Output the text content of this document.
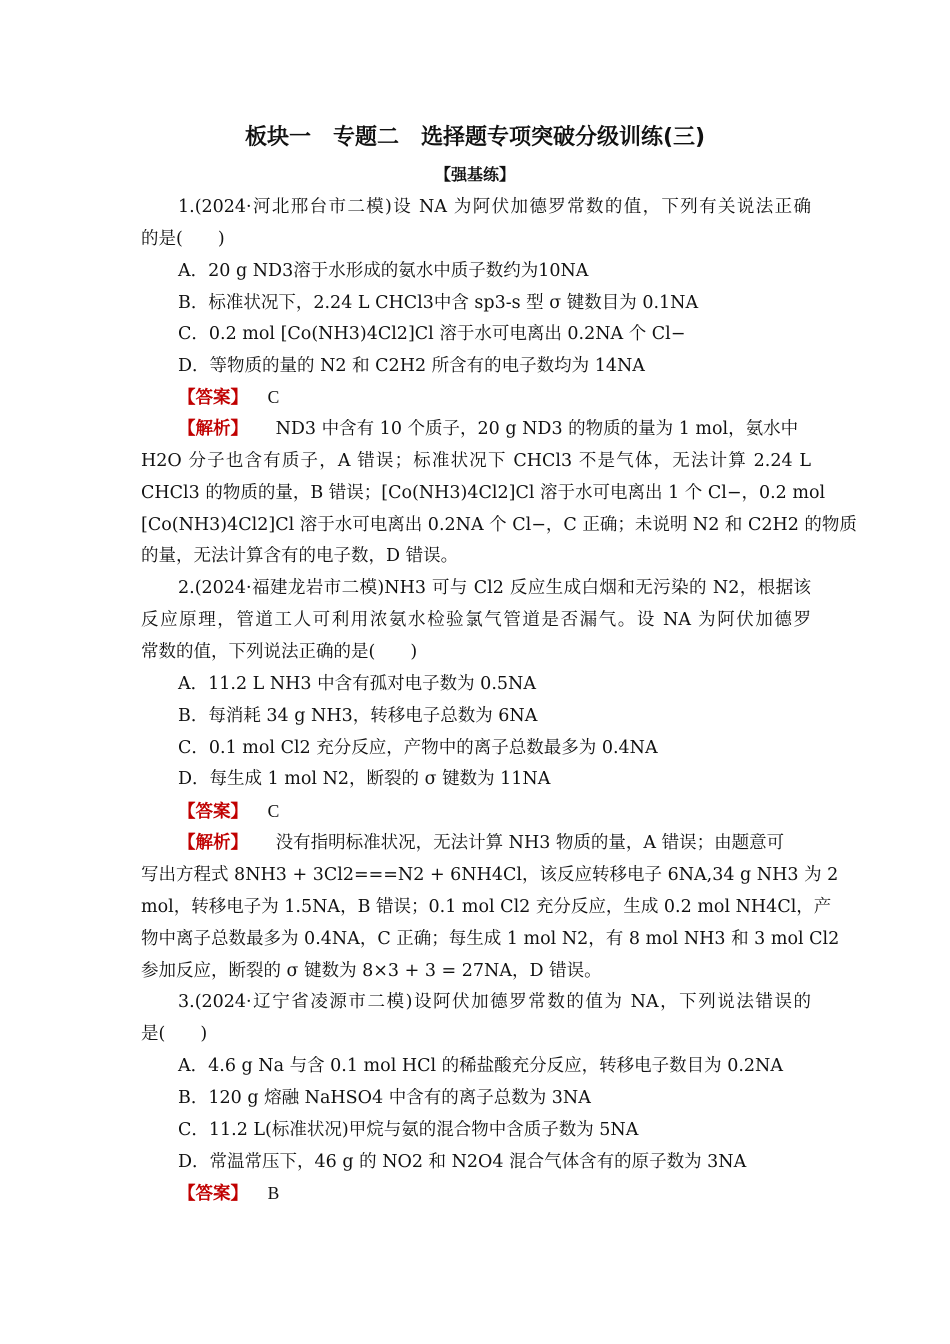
板块一　专题二　选择题专项突破分级训练(三)
【强基练】
1.(2024·河北邢台市二模)设 NA 为阿伏加德罗常数的值，下列有关说法正确
的是(　　)
A．20 g ND3溶于水形成的氨水中质子数约为10NA
B．标准状况下，2.24 L CHCl3中含 sp3-s 型 σ 键数目为 0.1NA
C．0.2 mol [Co(NH3)4Cl2]Cl 溶于水可电离出 0.2NA 个 Cl−
D．等物质的量的 N2 和 C2H2 所含有的电子数均为 14NA
【答案】 C
【解析】 ND3 中含有 10 个质子，20 g ND3 的物质的量为 1 mol，氨水中
H2O 分子也含有质子，A 错误；标准状况下 CHCl3 不是气体，无法计算 2.24 L
CHCl3 的物质的量，B 错误；[Co(NH3)4Cl2]Cl 溶于水可电离出 1 个 Cl−，0.2 mol
[Co(NH3)4Cl2]Cl 溶于水可电离出 0.2NA 个 Cl−，C 正确；未说明 N2 和 C2H2 的物质
的量，无法计算含有的电子数，D 错误。
2.(2024·福建龙岩市二模)NH3 可与 Cl2 反应生成白烟和无污染的 N2，根据该
反应原理，管道工人可利用浓氨水检验氯气管道是否漏气。设 NA 为阿伏加德罗
常数的值，下列说法正确的是(　　)
A．11.2 L NH3 中含有孤对电子数为 0.5NA
B．每消耗 34 g NH3，转移电子总数为 6NA
C．0.1 mol Cl2 充分反应，产物中的离子总数最多为 0.4NA
D．每生成 1 mol N2，断裂的 σ 键数为 11NA
【答案】 C
【解析】 没有指明标准状况，无法计算 NH3 物质的量，A 错误；由题意可
写出方程式 8NH3 + 3Cl2===N2 + 6NH4Cl，该反应转移电子 6NA,34 g NH3 为 2
mol，转移电子为 1.5NA，B 错误；0.1 mol Cl2 充分反应，生成 0.2 mol NH4Cl，产
物中离子总数最多为 0.4NA，C 正确；每生成 1 mol N2，有 8 mol NH3 和 3 mol Cl2
参加反应，断裂的 σ 键数为 8×3 + 3 = 27NA，D 错误。
3.(2024·辽宁省凌源市二模)设阿伏加德罗常数的值为 NA，下列说法错误的
是(　　)
A．4.6 g Na 与含 0.1 mol HCl 的稀盐酸充分反应，转移电子数目为 0.2NA
B．120 g 熔融 NaHSO4 中含有的离子总数为 3NA
C．11.2 L(标准状况)甲烷与氨的混合物中含质子数为 5NA
D．常温常压下，46 g 的 NO2 和 N2O4 混合气体含有的原子数为 3NA
【答案】 B
